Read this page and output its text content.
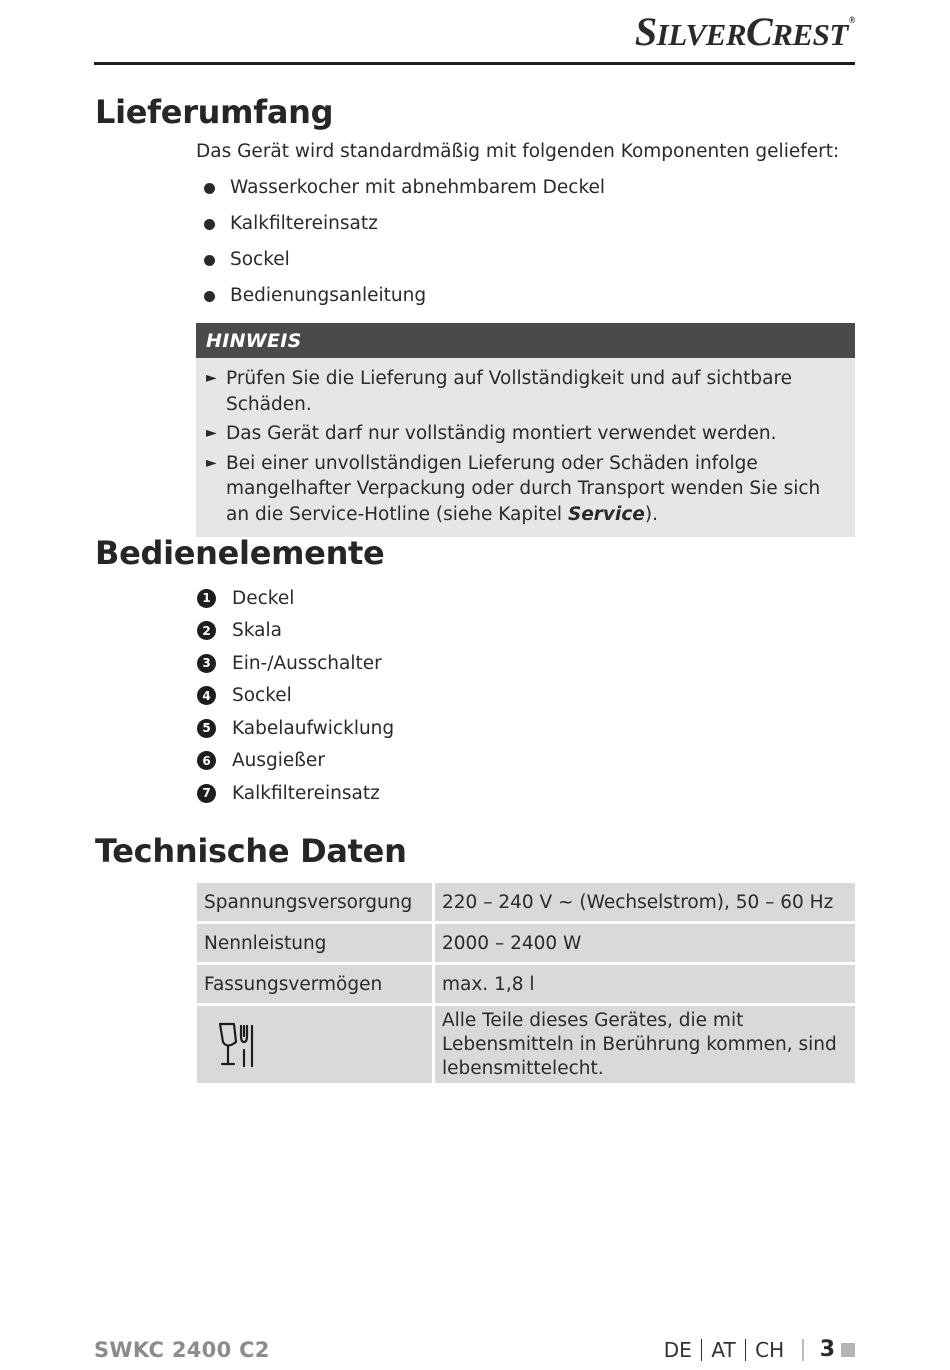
SILVERCREST®
Lieferumfang
Das Gerät wird standardmäßig mit folgenden Komponenten geliefert:
Wasserkocher mit abnehmbarem Deckel
Kalkfiltereinsatz
Sockel
Bedienungsanleitung
HINWEIS
► Prüfen Sie die Lieferung auf Vollständigkeit und auf sichtbare Schäden.
► Das Gerät darf nur vollständig montiert verwendet werden.
► Bei einer unvollständigen Lieferung oder Schäden infolge mangelhafter Verpackung oder durch Transport wenden Sie sich an die Service-Hotline (siehe Kapitel Service).
Bedienelemente
1 Deckel
2 Skala
3 Ein-/Ausschalter
4 Sockel
5 Kabelaufwicklung
6 Ausgießer
7 Kalkfiltereinsatz
Technische Daten
Spannungsversorgung	220 – 240 V ~ (Wechselstrom), 50 – 60 Hz
Nennleistung	2000 – 2400 W
Fassungsvermögen	max. 1,8 l

	Alle Teile dieses Gerätes, die mit Lebensmitteln in Berührung kommen, sind lebensmittelecht.
SWKC 2400 C2	DE AT CH 3
